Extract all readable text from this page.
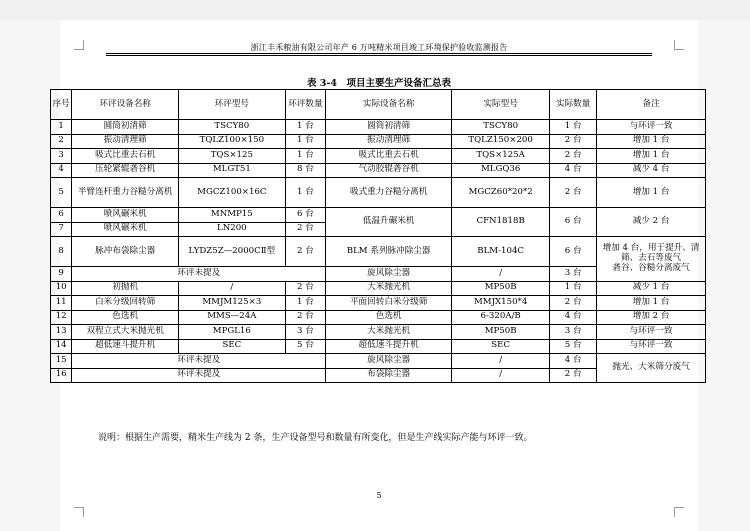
浙江丰禾粮油有限公司年产 6 万吨精米项目竣工环境保护验收监测报告
表 3-4　项目主要生产设备汇总表
序号	环评设备名称	环评型号	环评数量	实际设备名称	实际型号	实际数量	备注
1	圆筒初清筛	TSCY80	1 台	圆筒初清筛	TSCY80	1 台	与环评一致
2	振动清理筛	TQLZ100×150	1 台	振动清理筛	TQLZ150×200	2 台	增加 1 台
3	吸式比重去石机	TQS×125	1 台	吸式比重去石机	TQS×125A	2 台	增加 1 台
4	压轮紧辊砻谷机	MLGT51	8 台	气动胶辊砻谷机	MLGQ36	4 台	减少 4 台
5	半臂连杆重力谷糙分离机	MGCZ100×16C	1 台	吸式重力谷糙分离机	MGCZ60*20*2	2 台	增加 1 台
6	喷风碾米机	MNMP15	6 台	低温升碾米机	CFN1818B	6 台	减少 2 台
7	喷风碾米机	LN200	2 台				
8	脉冲布袋除尘器	LYDZ5Z—2000CⅡ型	2 台	BLM 系列脉冲除尘器	BLM-104C	6 台	增加 4 台，用于提升、清筛、去石等废气
砻谷、谷糙分离废气
9	环评未提及			旋风除尘器	/	3 台	
10	初抛机	/	2 台	大米抛光机	MP50B	1 台	减少 1 台
11	白米分级回转筛	MMJM125×3	1 台	平面回转白米分级筛	MMJX150*4	2 台	增加 1 台
12	色选机	MMS—24A	2 台	色选机	6-320A/B	4 台	增加 2 台
13	双程立式大米抛光机	MPGL16	3 台	大米抛光机	MP50B	3 台	与环评一致
14	超低速斗提升机	SEC	5 台	超低速斗提升机	SEC	5 台	与环评一致
15	环评未提及			旋风除尘器	/	4 台	抛光、大米筛分废气
16	环评未提及			布袋除尘器	/	2 台	
说明：根据生产需要，精米生产线为 2 条，生产设备型号和数量有所变化，但是生产线实际产能与环评一致。
5
